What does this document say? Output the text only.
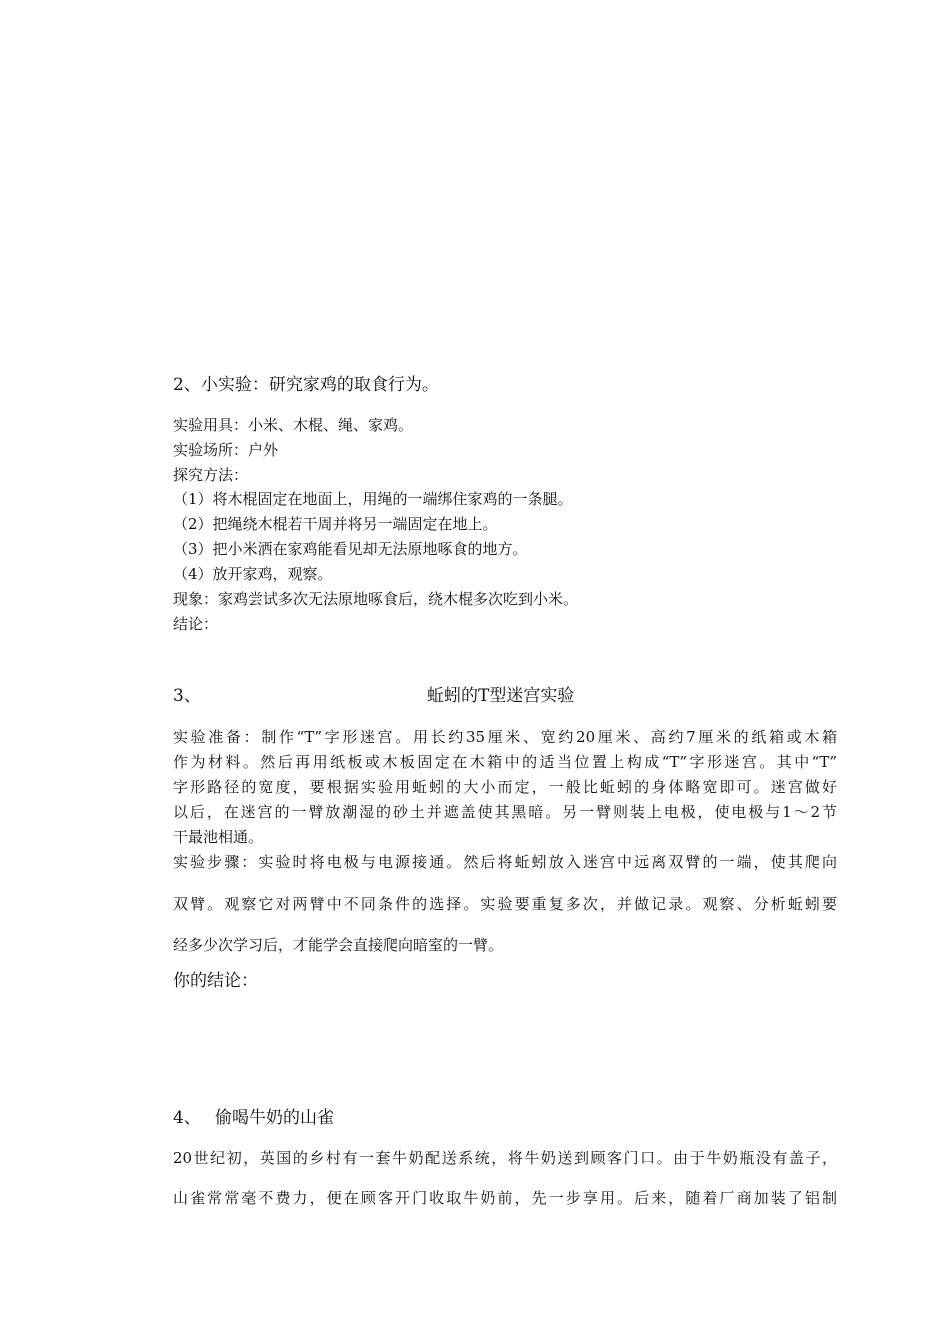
2、小实验：研究家鸡的取食行为。
实验用具：小米、木棍、绳、家鸡。
实验场所：户外
探究方法：
（1）将木棍固定在地面上，用绳的一端绑住家鸡的一条腿。
（2）把绳绕木棍若干周并将另一端固定在地上。
（3）把小米洒在家鸡能看见却无法原地啄食的地方。
（4）放开家鸡，观察。
现象：家鸡尝试多次无法原地啄食后，绕木棍多次吃到小米。
结论：
3、	蚯蚓的T型迷宫实验
实验准备：制作“T”字形迷宫。用长约35厘米、宽约20厘米、高约7厘米的纸箱或木箱
作为材料。然后再用纸板或木板固定在木箱中的适当位置上构成“T”字形迷宫。其中“T”
字形路径的宽度，要根据实验用蚯蚓的大小而定，一般比蚯蚓的身体略宽即可。迷宫做好
以后，在迷宫的一臂放潮湿的砂土并遮盖使其黑暗。另一臂则装上电极，使电极与1～2节
干最池相通。
实验步骤：实验时将电极与电源接通。然后将蚯蚓放入迷宫中远离双臂的一端，使其爬向
双臂。观察它对两臂中不同条件的选择。实验要重复多次，并做记录。观察、分析蚯蚓要
经多少次学习后，才能学会直接爬向暗室的一臂。
你的结论：
4、 偷喝牛奶的山雀
20世纪初，英国的乡村有一套牛奶配送系统，将牛奶送到顾客门口。由于牛奶瓶没有盖子，
山雀常常毫不费力，便在顾客开门收取牛奶前，先一步享用。后来，随着厂商加装了铝制
